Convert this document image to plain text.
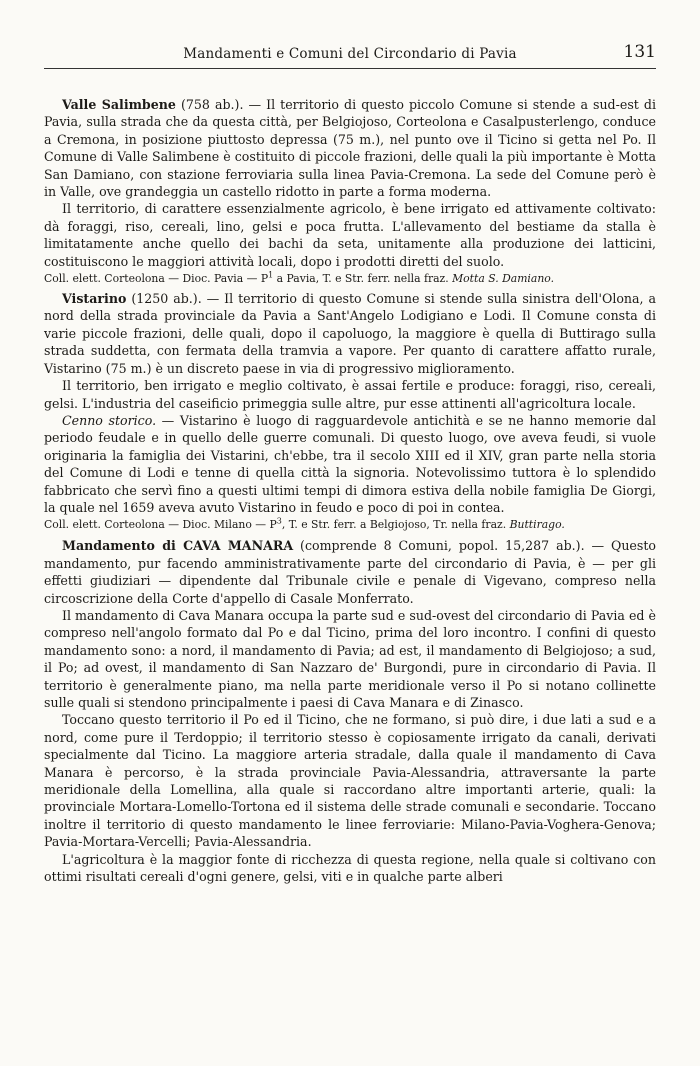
Mandamenti e Comuni del Circondario di Pavia	131

Valle Salimbene (758 ab.). — Il territorio di questo piccolo Comune si stende a sud-est di Pavia, sulla strada che da questa città, per Belgiojoso, Corteolona e Casalpusterlengo, conduce a Cremona, in posizione piuttosto depressa (75 m.), nel punto ove il Ticino si getta nel Po. Il Comune di Valle Salimbene è costituito di piccole frazioni, delle quali la più importante è Motta San Damiano, con stazione ferroviaria sulla linea Pavia-Cremona. La sede del Comune però è in Valle, ove grandeggia un castello ridotto in parte a forma moderna.

Il territorio, di carattere essenzialmente agricolo, è bene irrigato ed attivamente coltivato: dà foraggi, riso, cereali, lino, gelsi e poca frutta. L'allevamento del bestiame da stalla è limitatamente anche quello dei bachi da seta, unitamente alla produzione dei latticini, costituiscono le maggiori attività locali, dopo i prodotti diretti del suolo.

Coll. elett. Corteolona — Dioc. Pavia — $P^1$ a Pavia, T. e Str. ferr. nella fraz. Motta S. Damiano.

Vistarino (1250 ab.). — Il territorio di questo Comune si stende sulla sinistra dell'Olona, a nord della strada provinciale da Pavia a Sant'Angelo Lodigiano e Lodi. Il Comune consta di varie piccole frazioni, delle quali, dopo il capoluogo, la maggiore è quella di Buttirago sulla strada suddetta, con fermata della tramvia a vapore. Per quanto di carattere affatto rurale, Vistarino (75 m.) è un discreto paese in via di progressivo miglioramento.

Il territorio, ben irrigato e meglio coltivato, è assai fertile e produce: foraggi, riso, cereali, gelsi. L'industria del caseificio primeggia sulle altre, pur esse attinenti all'agricoltura locale.

Cenno storico. — Vistarino è luogo di ragguardevole antichità e se ne hanno memorie dal periodo feudale e in quello delle guerre comunali. Di questo luogo, ove aveva feudi, si vuole originaria la famiglia dei Vistarini, ch'ebbe, tra il secolo XIII ed il XIV, gran parte nella storia del Comune di Lodi e tenne di quella città la signoria. Notevolissimo tuttora è lo splendido fabbricato che servì fino a questi ultimi tempi di dimora estiva della nobile famiglia De Giorgi, la quale nel 1659 aveva avuto Vistarino in feudo e poco di poi in contea.

Coll. elett. Corteolona — Dioc. Milano — $P^3$, T. e Str. ferr. a Belgiojoso, Tr. nella fraz. Buttirago.

Mandamento di CAVA MANARA (comprende 8 Comuni, popol. 15,287 ab.). — Questo mandamento, pur facendo amministrativamente parte del circondario di Pavia, è — per gli effetti giudiziari — dipendente dal Tribunale civile e penale di Vigevano, compreso nella circoscrizione della Corte d'appello di Casale Monferrato.

Il mandamento di Cava Manara occupa la parte sud e sud-ovest del circondario di Pavia ed è compreso nell'angolo formato dal Po e dal Ticino, prima del loro incontro. I confini di questo mandamento sono: a nord, il mandamento di Pavia; ad est, il mandamento di Belgiojoso; a sud, il Po; ad ovest, il mandamento di San Nazzaro de' Burgondi, pure in circondario di Pavia. Il territorio è generalmente piano, ma nella parte meridionale verso il Po si notano collinette sulle quali si stendono principalmente i paesi di Cava Manara e di Zinasco.

Toccano questo territorio il Po ed il Ticino, che ne formano, si può dire, i due lati a sud e a nord, come pure il Terdoppio; il territorio stesso è copiosamente irrigato da canali, derivati specialmente dal Ticino. La maggiore arteria stradale, dalla quale il mandamento di Cava Manara è percorso, è la strada provinciale Pavia-Alessandria, attraversante la parte meridionale della Lomellina, alla quale si raccordano altre importanti arterie, quali: la provinciale Mortara-Lomello-Tortona ed il sistema delle strade comunali e secondarie. Toccano inoltre il territorio di questo mandamento le linee ferroviarie: Milano-Pavia-Voghera-Genova; Pavia-Mortara-Vercelli; Pavia-Alessandria.

L'agricoltura è la maggior fonte di ricchezza di questa regione, nella quale si coltivano con ottimi risultati cereali d'ogni genere, gelsi, viti e in qualche parte alberi
